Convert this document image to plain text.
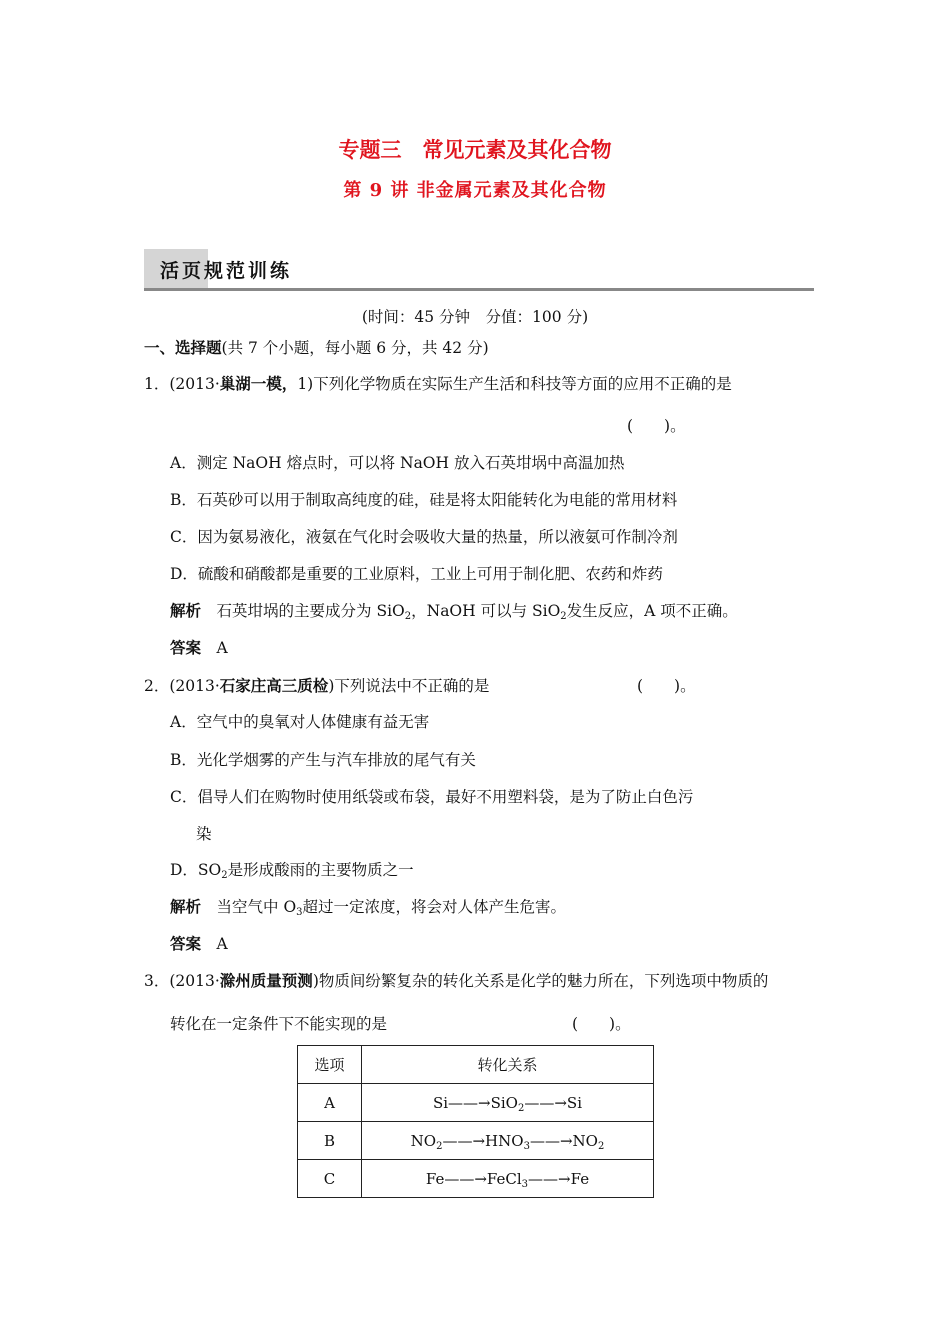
专题三　常见元素及其化合物
第 9 讲 非金属元素及其化合物
活页规范训练
(时间：45 分钟　分值：100 分)
一、选择题(共 7 个小题，每小题 6 分，共 42 分)
1．(2013·巢湖一模，1)下列化学物质在实际生产生活和科技等方面的应用不正确的是
(　　)。
A．测定 NaOH 熔点时，可以将 NaOH 放入石英坩埚中高温加热
B．石英砂可以用于制取高纯度的硅，硅是将太阳能转化为电能的常用材料
C．因为氨易液化，液氨在气化时会吸收大量的热量，所以液氨可作制冷剂
D．硫酸和硝酸都是重要的工业原料，工业上可用于制化肥、农药和炸药
解析　 石英坩埚的主要成分为 SiO$_2$，NaOH 可以与 SiO$_2$发生反应，A 项不正确。
答案　 A
2．(2013·石家庄高三质检)下列说法中不正确的是	(　　)。
A．空气中的臭氧对人体健康有益无害
B．光化学烟雾的产生与汽车排放的尾气有关
C．倡导人们在购物时使用纸袋或布袋，最好不用塑料袋，是为了防止白色污
染
D．$SO_2$是形成酸雨的主要物质之一
解析　 当空气中 $O_3$超过一定浓度，将会对人体产生危害。
答案　 A
3．(2013·滁州质量预测)物质间纷繁复杂的转化关系是化学的魅力所在，下列选项中物质的
转化在一定条件下不能实现的是	(　　)。
选项	转化关系
A	Si——→SiO$_2$——→Si
B	$NO_2——\to HNO_3——\to NO_2$
C	Fe——→FeCl$_3$——→Fe
